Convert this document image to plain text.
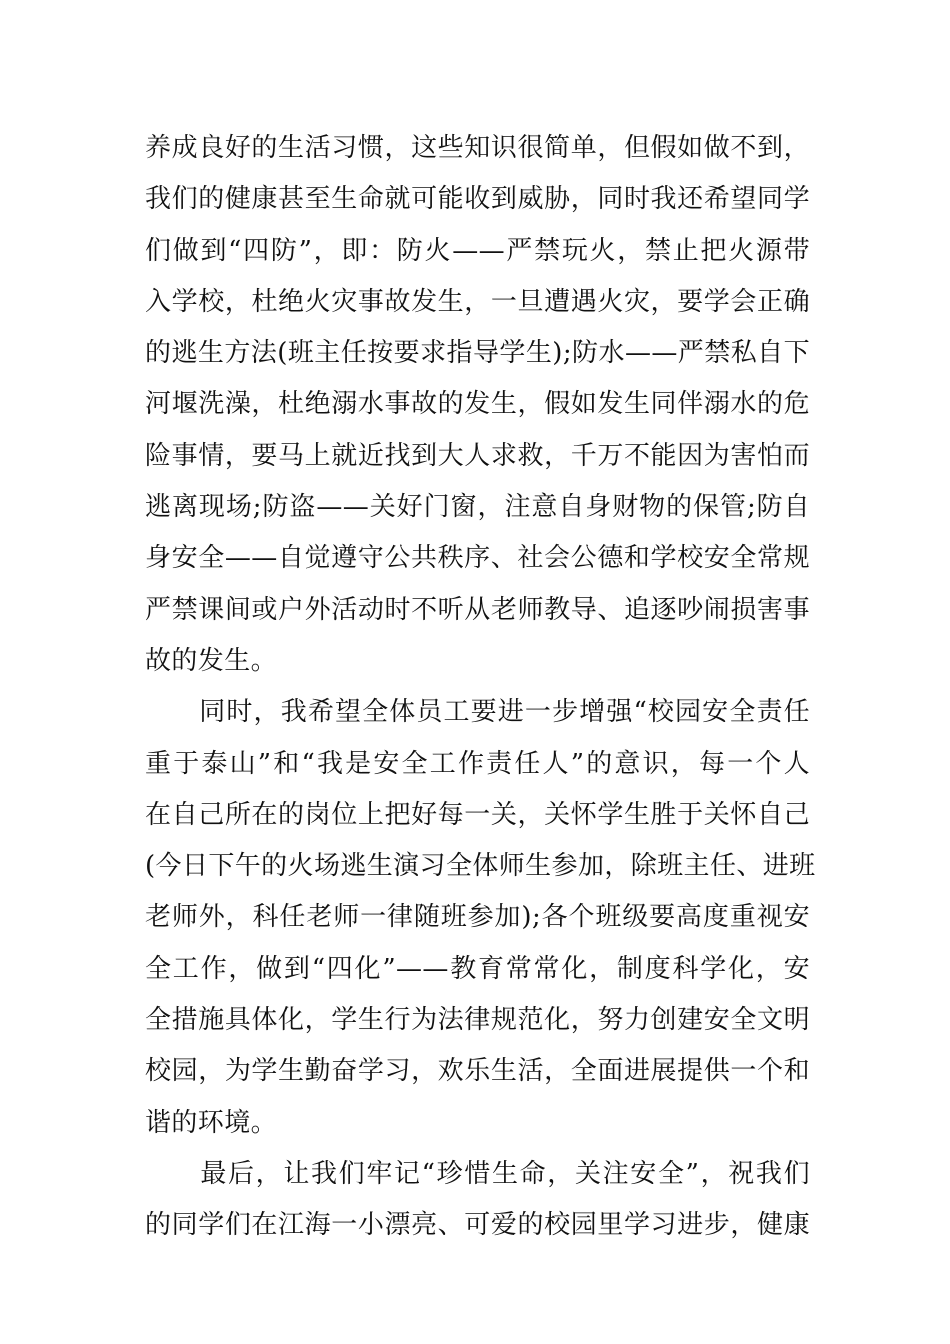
养成良好的生活习惯，这些知识很简单，但假如做不到，
我们的健康甚至生命就可能收到威胁，同时我还希望同学
们做到“四防”，即：防火——严禁玩火，禁止把火源带
入学校，杜绝火灾事故发生，一旦遭遇火灾，要学会正确
的逃生方法(班主任按要求指导学生);防水——严禁私自下
河堰洗澡，杜绝溺水事故的发生，假如发生同伴溺水的危
险事情，要马上就近找到大人求救，千万不能因为害怕而
逃离现场;防盗——关好门窗，注意自身财物的保管;防自
身安全——自觉遵守公共秩序、社会公德和学校安全常规
严禁课间或户外活动时不听从老师教导、追逐吵闹损害事
故的发生。
　　同时，我希望全体员工要进一步增强“校园安全责任
重于泰山”和“我是安全工作责任人”的意识，每一个人
在自己所在的岗位上把好每一关，关怀学生胜于关怀自己
(今日下午的火场逃生演习全体师生参加，除班主任、进班
老师外，科任老师一律随班参加);各个班级要高度重视安
全工作，做到“四化”——教育常常化，制度科学化，安
全措施具体化，学生行为法律规范化，努力创建安全文明
校园，为学生勤奋学习，欢乐生活，全面进展提供一个和
谐的环境。
　　最后，让我们牢记“珍惜生命，关注安全”，祝我们
的同学们在江海一小漂亮、可爱的校园里学习进步，健康
